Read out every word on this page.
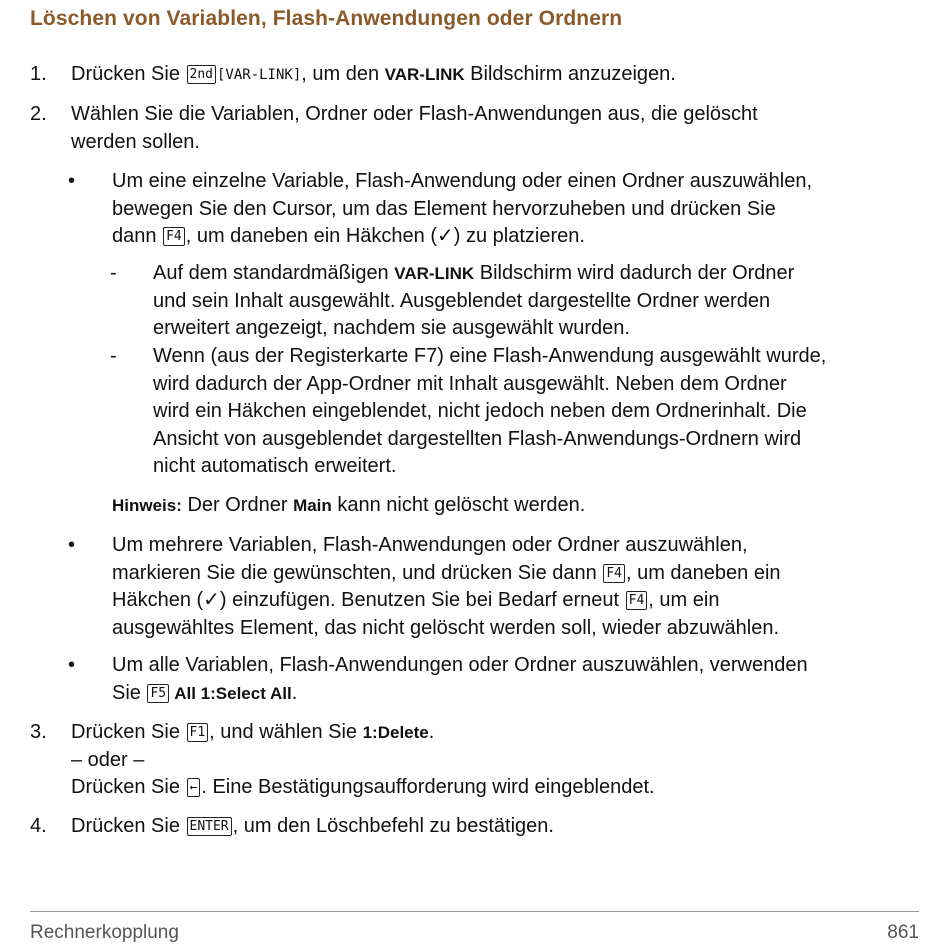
Löschen von Variablen, Flash-Anwendungen oder Ordnern
1. Drücken Sie 2nd [VAR-LINK], um den VAR-LINK Bildschirm anzuzeigen.
2. Wählen Sie die Variablen, Ordner oder Flash-Anwendungen aus, die gelöscht
werden sollen.
• Um eine einzelne Variable, Flash-Anwendung oder einen Ordner auszuwählen,
bewegen Sie den Cursor, um das Element hervorzuheben und drücken Sie
dann F4 , um daneben ein Häkchen (✓) zu platzieren.
- Auf dem standardmäßigen VAR-LINK Bildschirm wird dadurch der Ordner
und sein Inhalt ausgewählt. Ausgeblendet dargestellte Ordner werden
erweitert angezeigt, nachdem sie ausgewählt wurden.
- Wenn (aus der Registerkarte F7) eine Flash-Anwendung ausgewählt wurde,
wird dadurch der App-Ordner mit Inhalt ausgewählt. Neben dem Ordner
wird ein Häkchen eingeblendet, nicht jedoch neben dem Ordnerinhalt. Die
Ansicht von ausgeblendet dargestellten Flash-Anwendungs-Ordnern wird
nicht automatisch erweitert.
Hinweis: Der Ordner Main kann nicht gelöscht werden.
• Um mehrere Variablen, Flash-Anwendungen oder Ordner auszuwählen,
markieren Sie die gewünschten, und drücken Sie dann F4 , um daneben ein
Häkchen (✓) einzufügen. Benutzen Sie bei Bedarf erneut F4 , um ein
ausgewähltes Element, das nicht gelöscht werden soll, wieder abzuwählen.
• Um alle Variablen, Flash-Anwendungen oder Ordner auszuwählen, verwenden
Sie F5 All 1:Select All.
3. Drücken Sie F1 , und wählen Sie 1:Delete.
– oder –
Drücken Sie ← . Eine Bestätigungsaufforderung wird eingeblendet.
4. Drücken Sie ENTER , um den Löschbefehl zu bestätigen.
Rechnerkopplung	861
